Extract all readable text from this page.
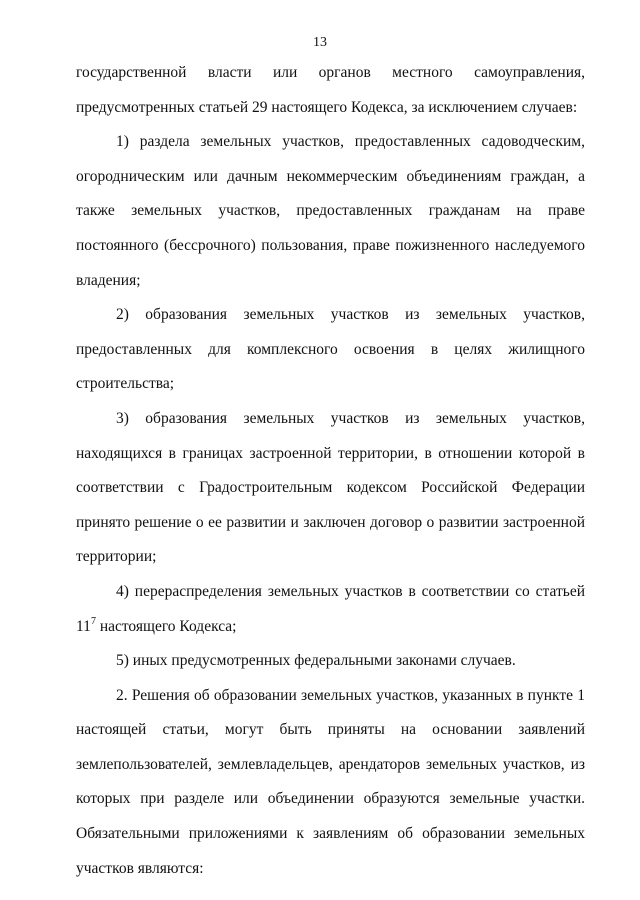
13

государственной власти или органов местного самоуправления, предусмотренных статьей 29 настоящего Кодекса, за исключением случаев:

1) раздела земельных участков, предоставленных садоводческим, огородническим или дачным некоммерческим объединениям граждан, а также земельных участков, предоставленных гражданам на праве постоянного (бессрочного) пользования, праве пожизненного наследуемого владения;

2) образования земельных участков из земельных участков, предоставленных для комплексного освоения в целях жилищного строительства;

3) образования земельных участков из земельных участков, находящихся в границах застроенной территории, в отношении которой в соответствии с Градостроительным кодексом Российской Федерации принято решение о ее развитии и заключен договор о развитии застроенной территории;

4) перераспределения земельных участков в соответствии со статьей $11^7$ настоящего Кодекса;

5) иных предусмотренных федеральными законами случаев.

2. Решения об образовании земельных участков, указанных в пункте 1 настоящей статьи, могут быть приняты на основании заявлений землепользователей, землевладельцев, арендаторов земельных участков, из которых при разделе или объединении образуются земельные участки. Обязательными приложениями к заявлениям об образовании земельных участков являются:
